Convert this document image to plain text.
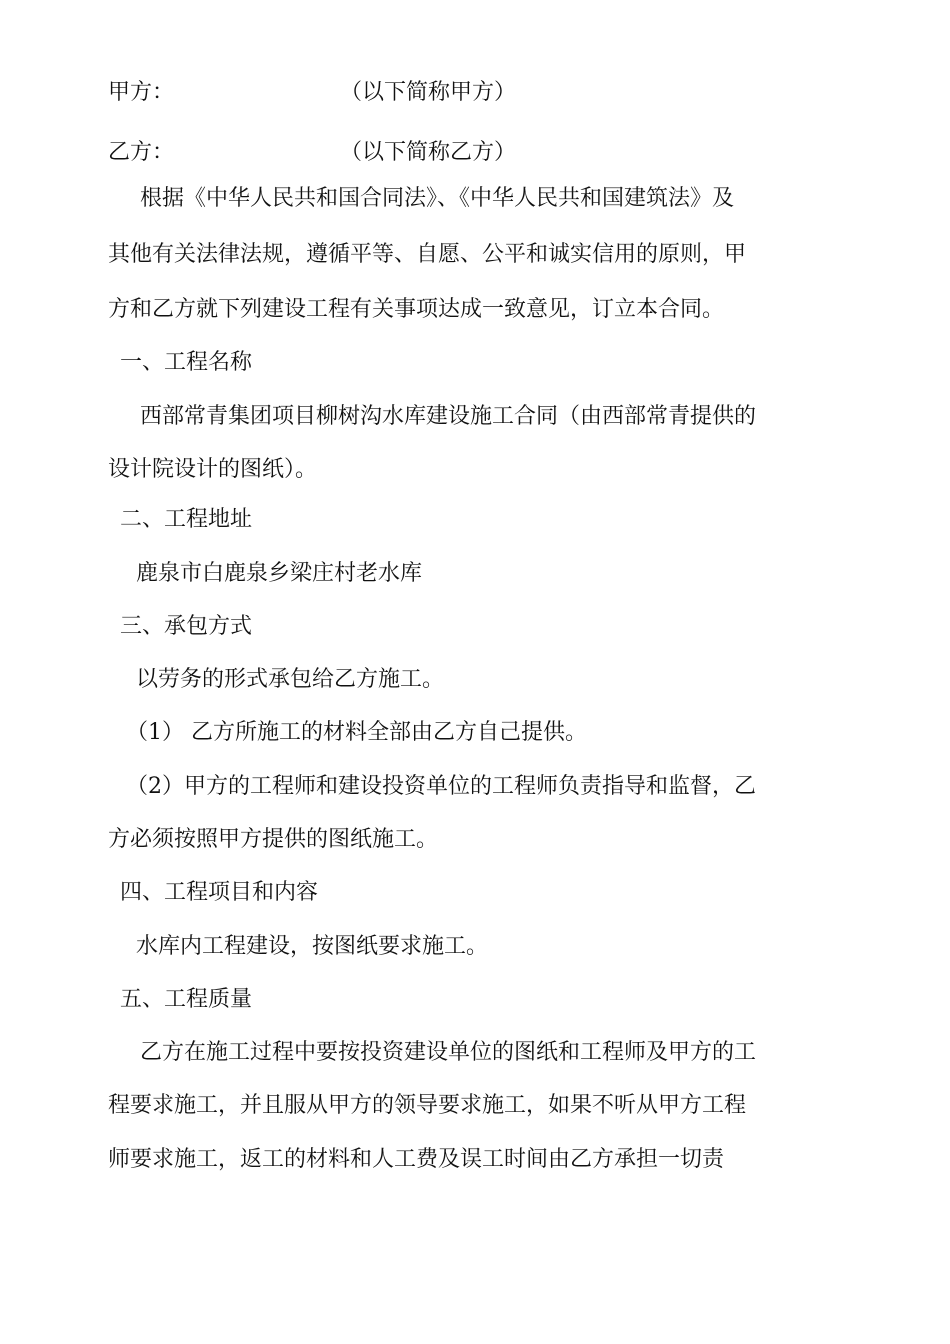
甲方：	（以下简称甲方）
乙方：	（以下简称乙方）
根据《中华人民共和国合同法》、《中华人民共和国建筑法》及
其他有关法律法规，遵循平等、自愿、公平和诚实信用的原则，甲
方和乙方就下列建设工程有关事项达成一致意见，订立本合同。
一、工程名称
西部常青集团项目柳树沟水库建设施工合同（由西部常青提供的
设计院设计的图纸）。
二、工程地址
鹿泉市白鹿泉乡梁庄村老水库
三、承包方式
以劳务的形式承包给乙方施工。
（1） 乙方所施工的材料全部由乙方自己提供。
（2）甲方的工程师和建设投资单位的工程师负责指导和监督，乙
方必须按照甲方提供的图纸施工。
四、工程项目和内容
水库内工程建设，按图纸要求施工。
五、工程质量
乙方在施工过程中要按投资建设单位的图纸和工程师及甲方的工
程要求施工，并且服从甲方的领导要求施工，如果不听从甲方工程
师要求施工，返工的材料和人工费及误工时间由乙方承担一切责
